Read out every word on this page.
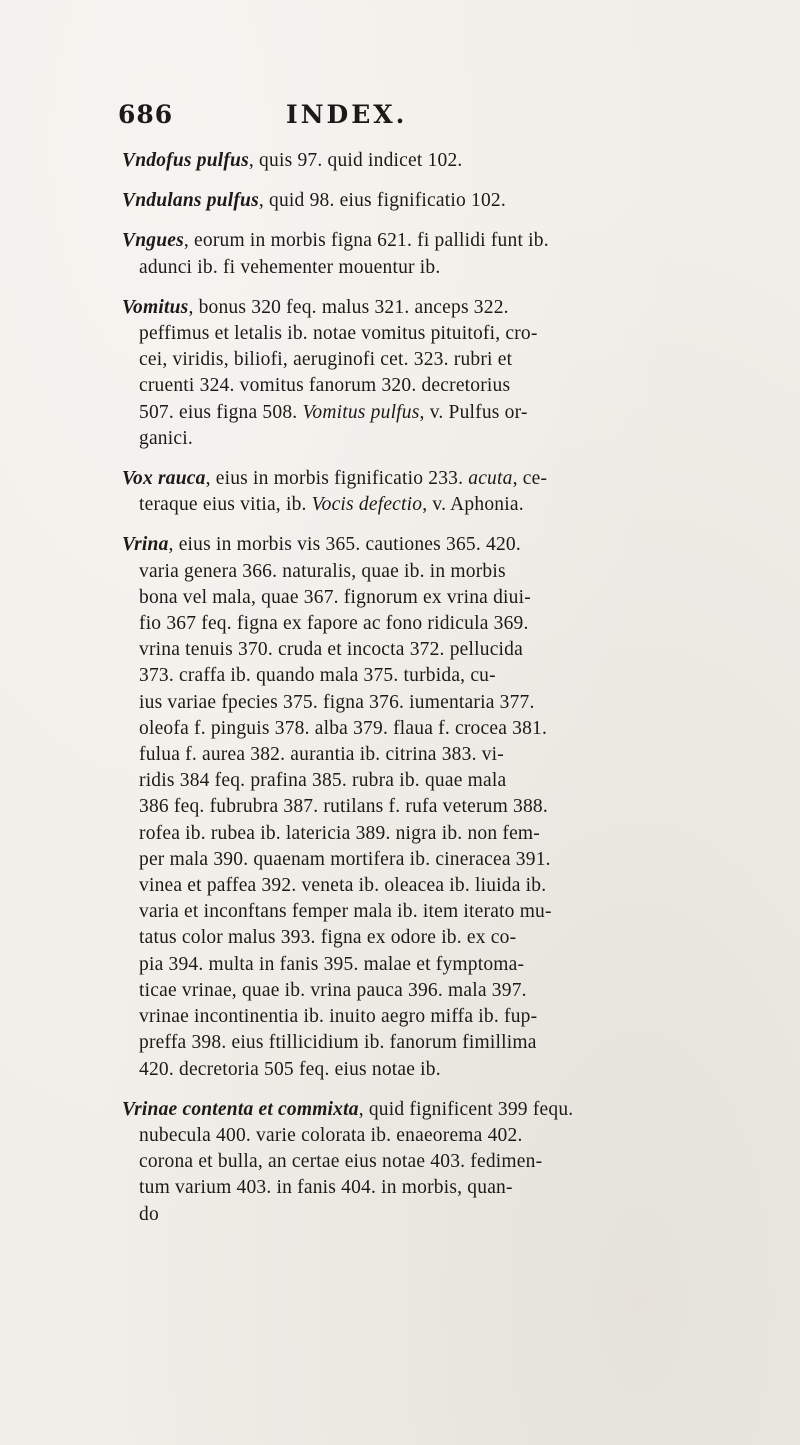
686	INDEX.
Vndofus pulfus, quis 97. quid indicet 102.
Vndulans pulfus, quid 98. eius fignificatio 102.
Vngues, eorum in morbis figna 621. fi pallidi funt ib.
adunci ib. fi vehementer mouentur ib.
Vomitus, bonus 320 feq. malus 321. anceps 322.
peffimus et letalis ib. notae vomitus pituitofi, cro-
cei, viridis, biliofi, aeruginofi cet. 323. rubri et
cruenti 324. vomitus fanorum 320. decretorius
507. eius figna 508. Vomitus pulfus, v. Pulfus or-
ganici.
Vox rauca, eius in morbis fignificatio 233. acuta, ce-
teraque eius vitia, ib. Vocis defectio, v. Aphonia.
Vrina, eius in morbis vis 365. cautiones 365. 420.
varia genera 366. naturalis, quae ib. in morbis
bona vel mala, quae 367. fignorum ex vrina diui-
fio 367 feq. figna ex fapore ac fono ridicula 369.
vrina tenuis 370. cruda et incocta 372. pellucida
373. craffa ib. quando mala 375. turbida, cu-
ius variae fpecies 375. figna 376. iumentaria 377.
oleofa f. pinguis 378. alba 379. flaua f. crocea 381.
fulua f. aurea 382. aurantia ib. citrina 383. vi-
ridis 384 feq. prafina 385. rubra ib. quae mala
386 feq. fubrubra 387. rutilans f. rufa veterum 388.
rofea ib. rubea ib. latericia 389. nigra ib. non fem-
per mala 390. quaenam mortifera ib. cineracea 391.
vinea et paffea 392. veneta ib. oleacea ib. liuida ib.
varia et inconftans femper mala ib. item iterato mu-
tatus color malus 393. figna ex odore ib. ex co-
pia 394. multa in fanis 395. malae et fymptoma-
ticae vrinae, quae ib. vrina pauca 396. mala 397.
vrinae incontinentia ib. inuito aegro miffa ib. fup-
preffa 398. eius ftillicidium ib. fanorum fimillima
420. decretoria 505 feq. eius notae ib.
Vrinae contenta et commixta, quid fignificent 399 fequ.
nubecula 400. varie colorata ib. enaeorema 402.
corona et bulla, an certae eius notae 403. fedimen-
tum varium 403. in fanis 404. in morbis, quan-
do
